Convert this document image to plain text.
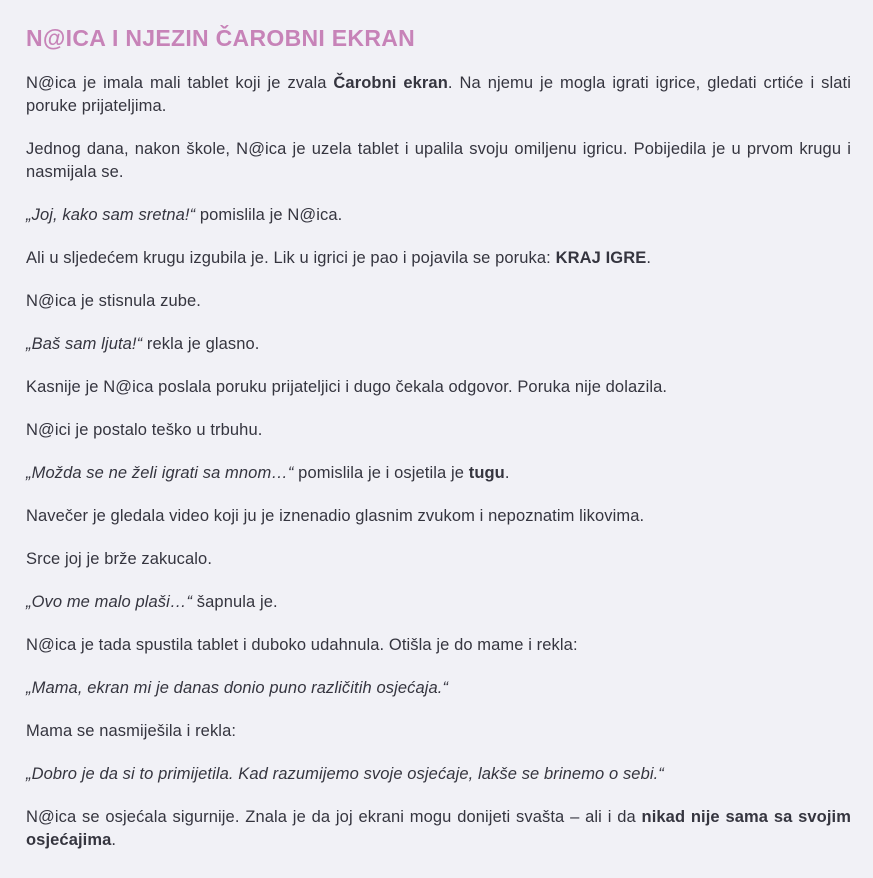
N@ICA I NJEZIN ČAROBNI EKRAN

N@ica je imala mali tablet koji je zvala Čarobni ekran. Na njemu je mogla igrati igrice, gledati crtiće i slati poruke prijateljima.

Jednog dana, nakon škole, N@ica je uzela tablet i upalila svoju omiljenu igricu. Pobijedila je u prvom krugu i nasmijala se.

„Joj, kako sam sretna!“ pomislila je N@ica.

Ali u sljedećem krugu izgubila je. Lik u igrici je pao i pojavila se poruka: KRAJ IGRE.

N@ica je stisnula zube.

„Baš sam ljuta!“ rekla je glasno.

Kasnije je N@ica poslala poruku prijateljici i dugo čekala odgovor. Poruka nije dolazila.

N@ici je postalo teško u trbuhu.

„Možda se ne želi igrati sa mnom…“ pomislila je i osjetila je tugu.

Navečer je gledala video koji ju je iznenadio glasnim zvukom i nepoznatim likovima.

Srce joj je brže zakucalo.

„Ovo me malo plaši…“ šapnula je.

N@ica je tada spustila tablet i duboko udahnula. Otišla je do mame i rekla:

„Mama, ekran mi je danas donio puno različitih osjećaja.“

Mama se nasmiješila i rekla:

„Dobro je da si to primijetila. Kad razumijemo svoje osjećaje, lakše se brinemo o sebi.“

N@ica se osjećala sigurnije. Znala je da joj ekrani mogu donijeti svašta – ali i da nikad nije sama sa svojim osjećajima.
